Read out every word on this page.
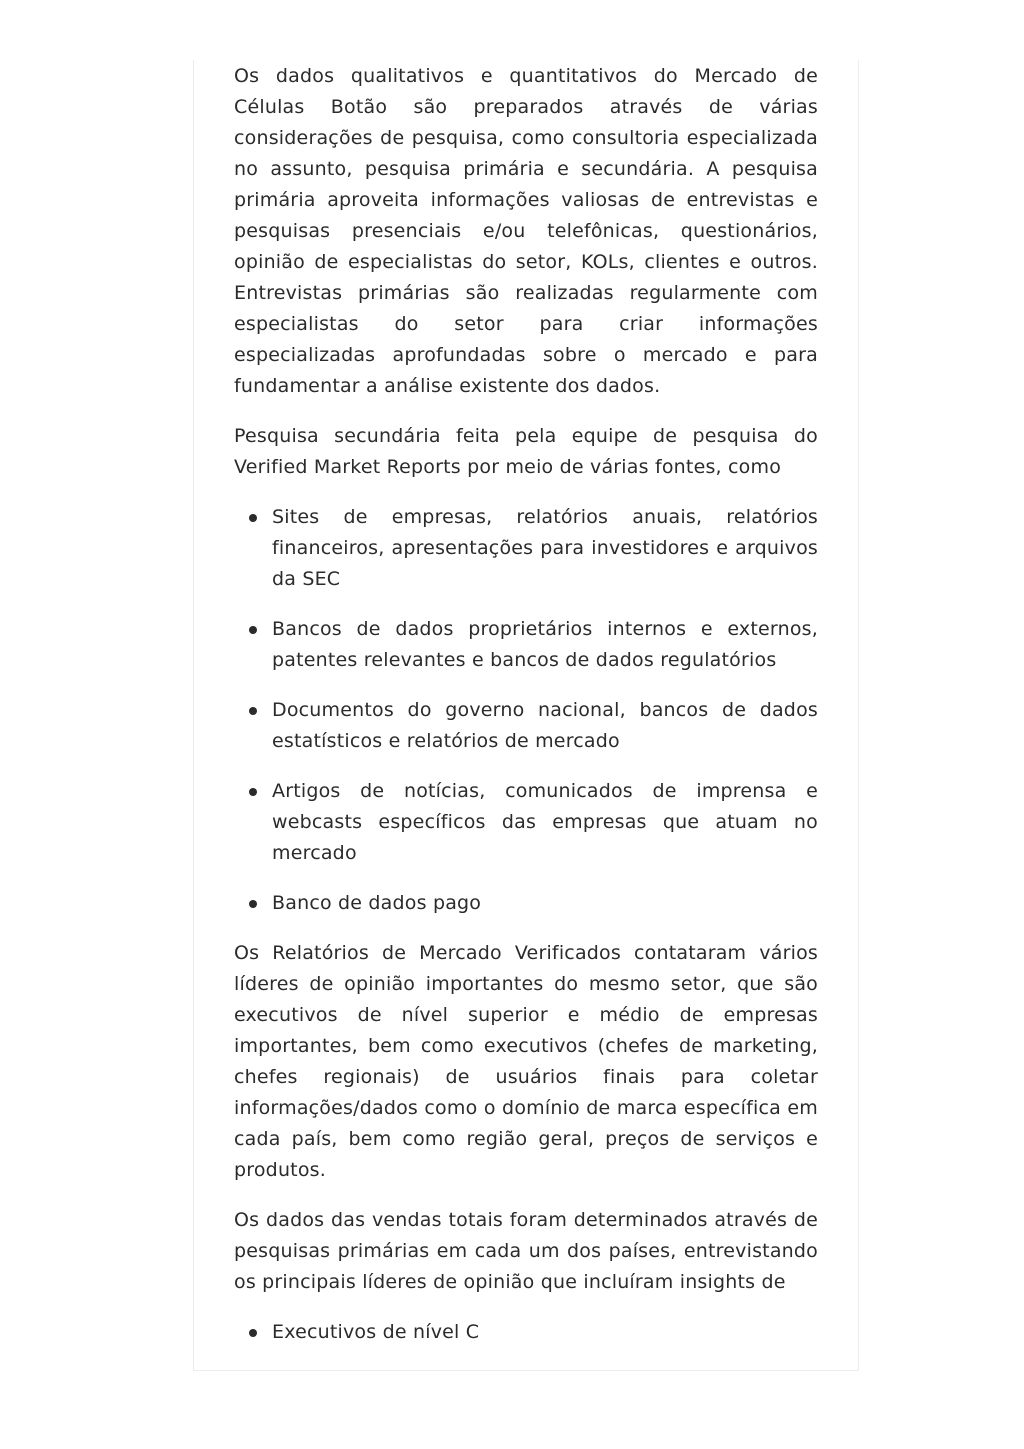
Os dados qualitativos e quantitativos do Mercado de Células Botão são preparados através de várias considerações de pesquisa, como consultoria especializada no assunto, pesquisa primária e secundária. A pesquisa primária aproveita informações valiosas de entrevistas e pesquisas presenciais e/ou telefônicas, questionários, opinião de especialistas do setor, KOLs, clientes e outros. Entrevistas primárias são realizadas regularmente com especialistas do setor para criar informações especializadas aprofundadas sobre o mercado e para fundamentar a análise existente dos dados.

Pesquisa secundária feita pela equipe de pesquisa do Verified Market Reports por meio de várias fontes, como

Sites de empresas, relatórios anuais, relatórios financeiros, apresentações para investidores e arquivos da SEC
Bancos de dados proprietários internos e externos, patentes relevantes e bancos de dados regulatórios
Documentos do governo nacional, bancos de dados estatísticos e relatórios de mercado
Artigos de notícias, comunicados de imprensa e webcasts específicos das empresas que atuam no mercado
Banco de dados pago

Os Relatórios de Mercado Verificados contataram vários líderes de opinião importantes do mesmo setor, que são executivos de nível superior e médio de empresas importantes, bem como executivos (chefes de marketing, chefes regionais) de usuários finais para coletar informações/dados como o domínio de marca específica em cada país, bem como região geral, preços de serviços e produtos.

Os dados das vendas totais foram determinados através de pesquisas primárias em cada um dos países, entrevistando os principais líderes de opinião que incluíram insights de

Executivos de nível C
